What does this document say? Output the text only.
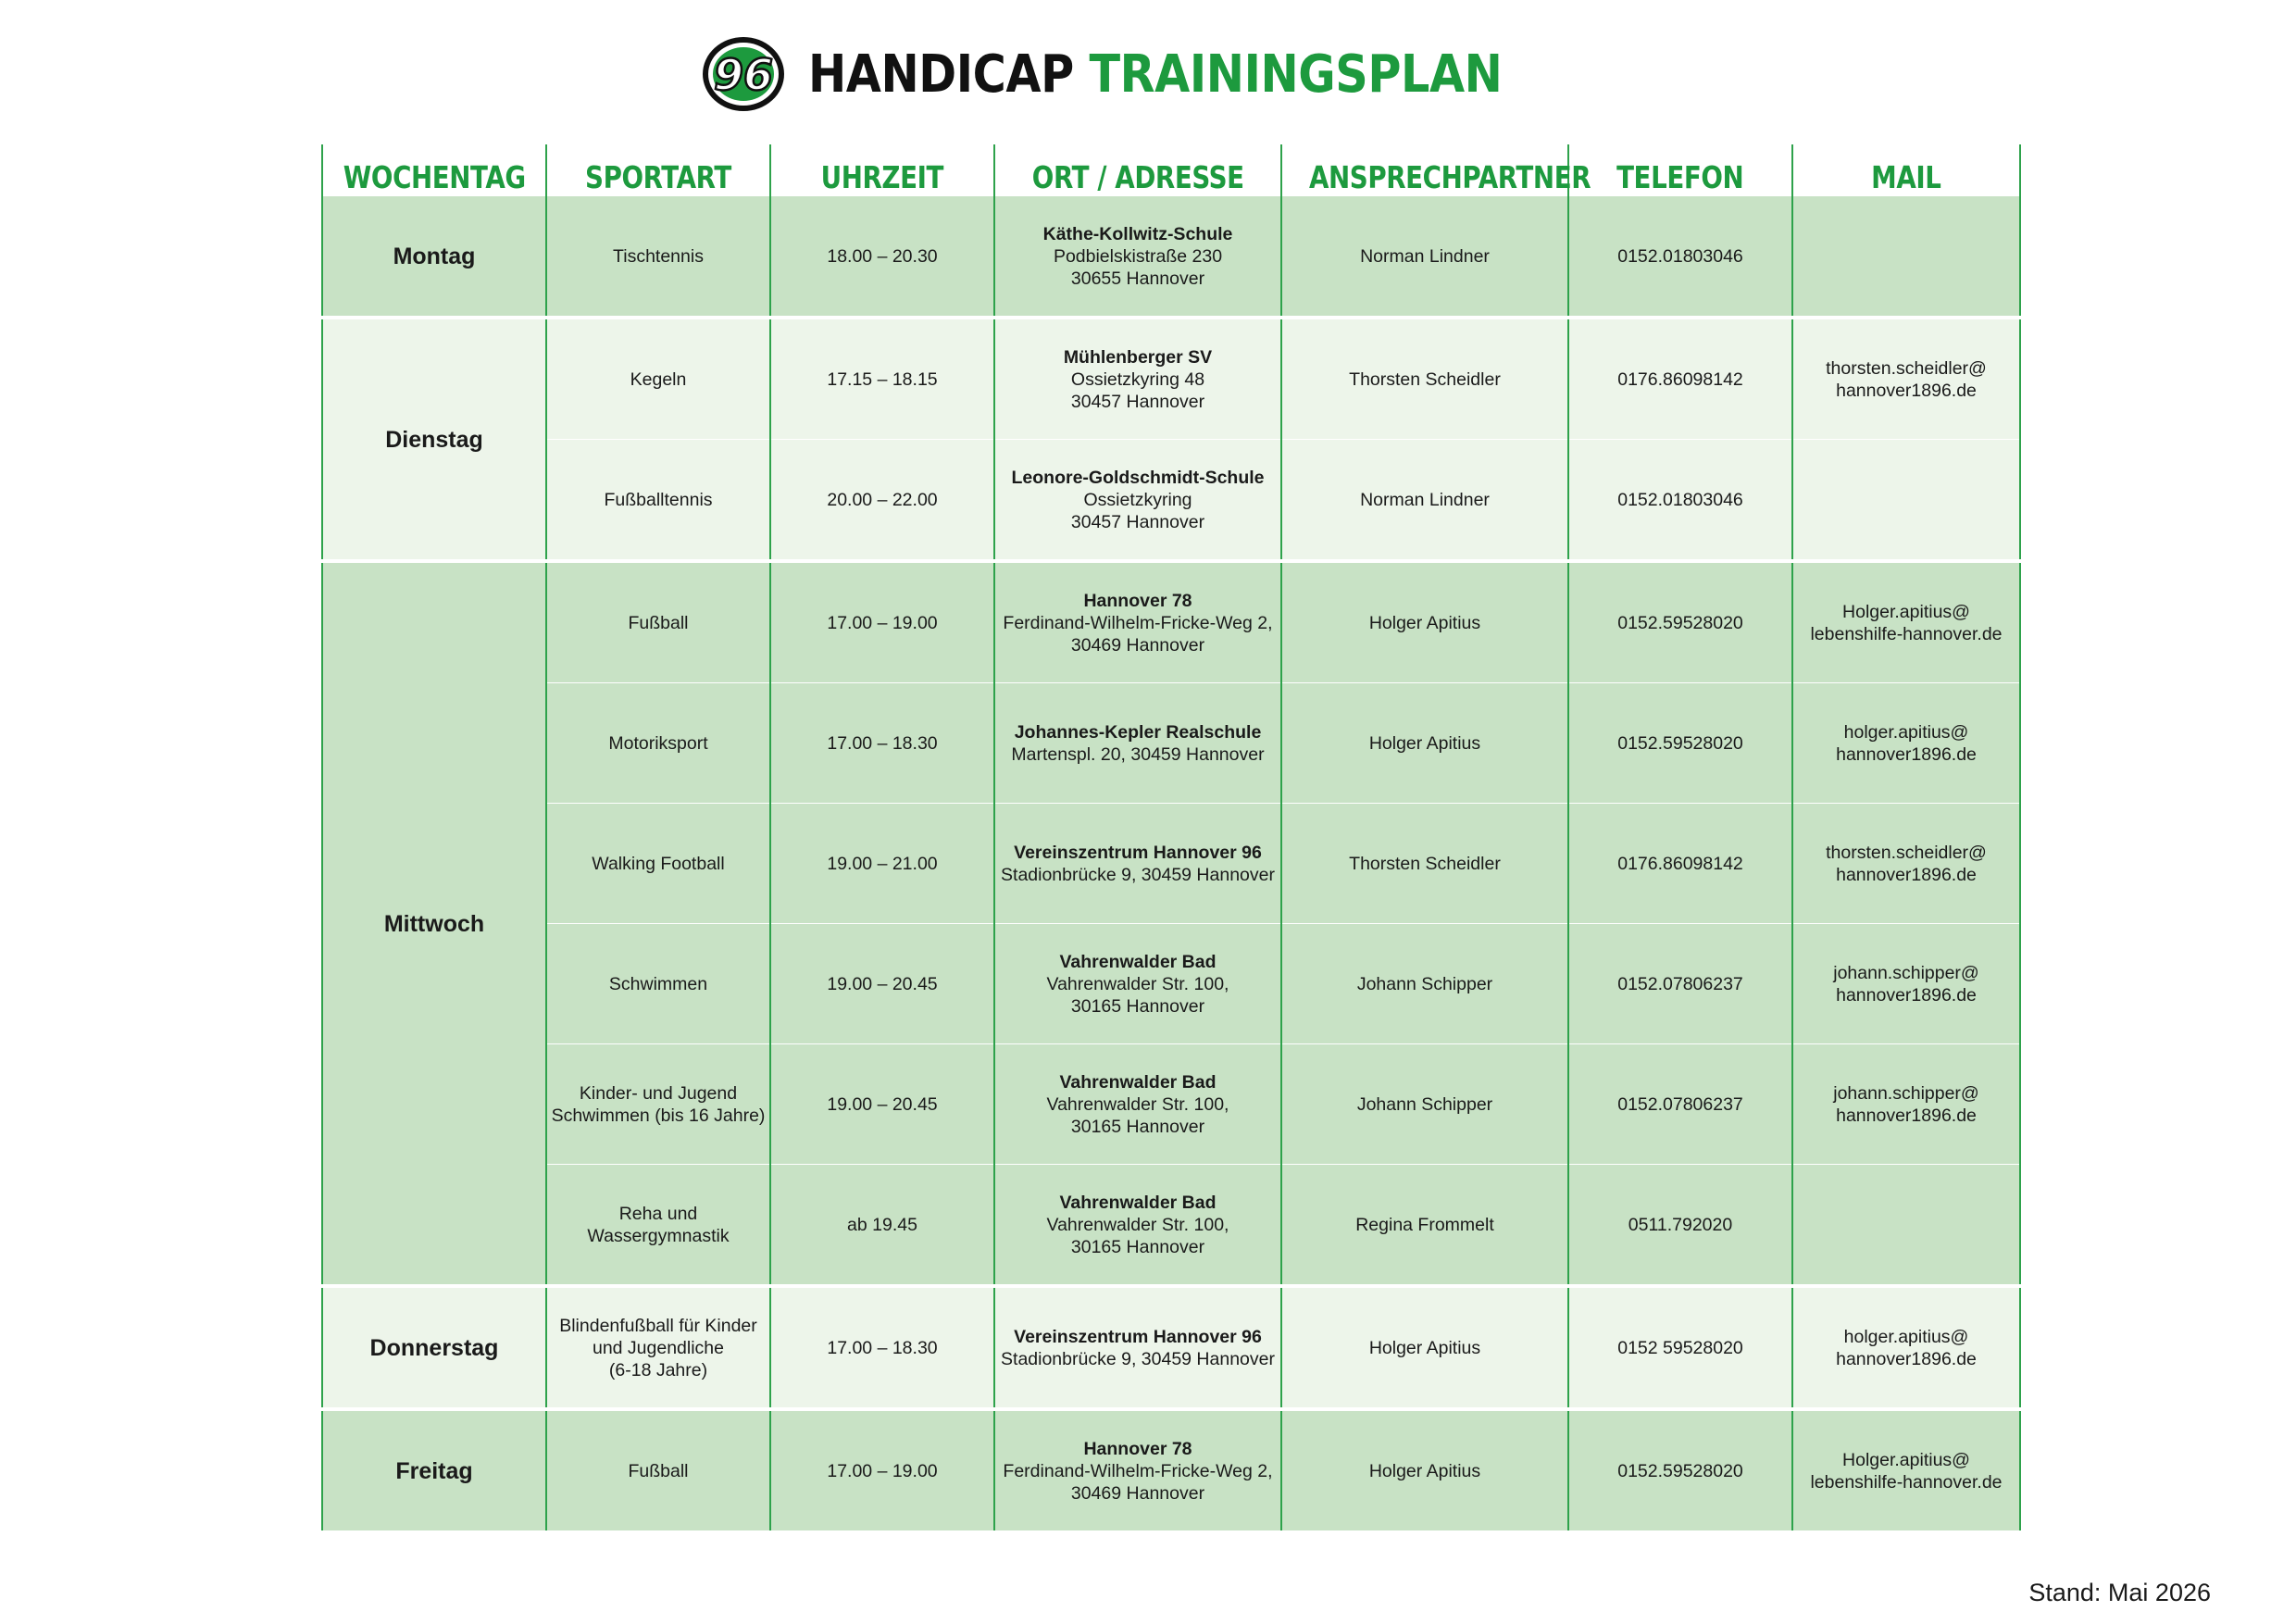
96 HANDICAP TRAININGSPLAN
WOCHENTAG	SPORTART	UHRZEIT	ORT / ADRESSE	ANSPRECHPARTNER	TELEFON	MAIL
Montag	Tischtennis	18.00 – 20.30	Käthe-Kollwitz-Schule
Podbielskistraße 230
30655 Hannover	Norman Lindner	0152.01803046	
Dienstag	Kegeln	17.15 – 18.15	Mühlenberger SV
Ossietzkyring 48
30457 Hannover	Thorsten Scheidler	0176.86098142	thorsten.scheidler@
hannover1896.de

	Fußballtennis	20.00 – 22.00	Leonore-Goldschmidt-Schule
Ossietzkyring
30457 Hannover	Norman Lindner	0152.01803046	
Mittwoch	Fußball	17.00 – 19.00	Hannover 78
Ferdinand-Wilhelm-Fricke-Weg 2,
30469 Hannover	Holger Apitius	0152.59528020	Holger.apitius@
lebenshilfe-hannover.de

	Motoriksport	17.00 – 18.30	Johannes-Kepler Realschule
Martenspl. 20, 30459 Hannover	Holger Apitius	0152.59528020	holger.apitius@
hannover1896.de

	Walking Football	19.00 – 21.00	Vereinszentrum Hannover 96
Stadionbrücke 9, 30459 Hannover	Thorsten Scheidler	0176.86098142	thorsten.scheidler@
hannover1896.de

	Schwimmen	19.00 – 20.45	Vahrenwalder Bad
Vahrenwalder Str. 100,
30165 Hannover	Johann Schipper	0152.07806237	johann.schipper@
hannover1896.de

	Kinder- und Jugend
Schwimmen (bis 16 Jahre)	19.00 – 20.45	Vahrenwalder Bad
Vahrenwalder Str. 100,
30165 Hannover	Johann Schipper	0152.07806237	johann.schipper@
hannover1896.de

	Reha und
Wassergymnastik	ab 19.45	Vahrenwalder Bad
Vahrenwalder Str. 100,
30165 Hannover	Regina Frommelt	0511.792020	
Donnerstag	Blindenfußball für Kinder
und Jugendliche
(6-18 Jahre)	17.00 – 18.30	Vereinszentrum Hannover 96
Stadionbrücke 9, 30459 Hannover	Holger Apitius	0152 59528020	holger.apitius@
hannover1896.de

Freitag	Fußball	17.00 – 19.00	Hannover 78
Ferdinand-Wilhelm-Fricke-Weg 2,
30469 Hannover	Holger Apitius	0152.59528020	Holger.apitius@
lebenshilfe-hannover.de
Stand: Mai 2026
